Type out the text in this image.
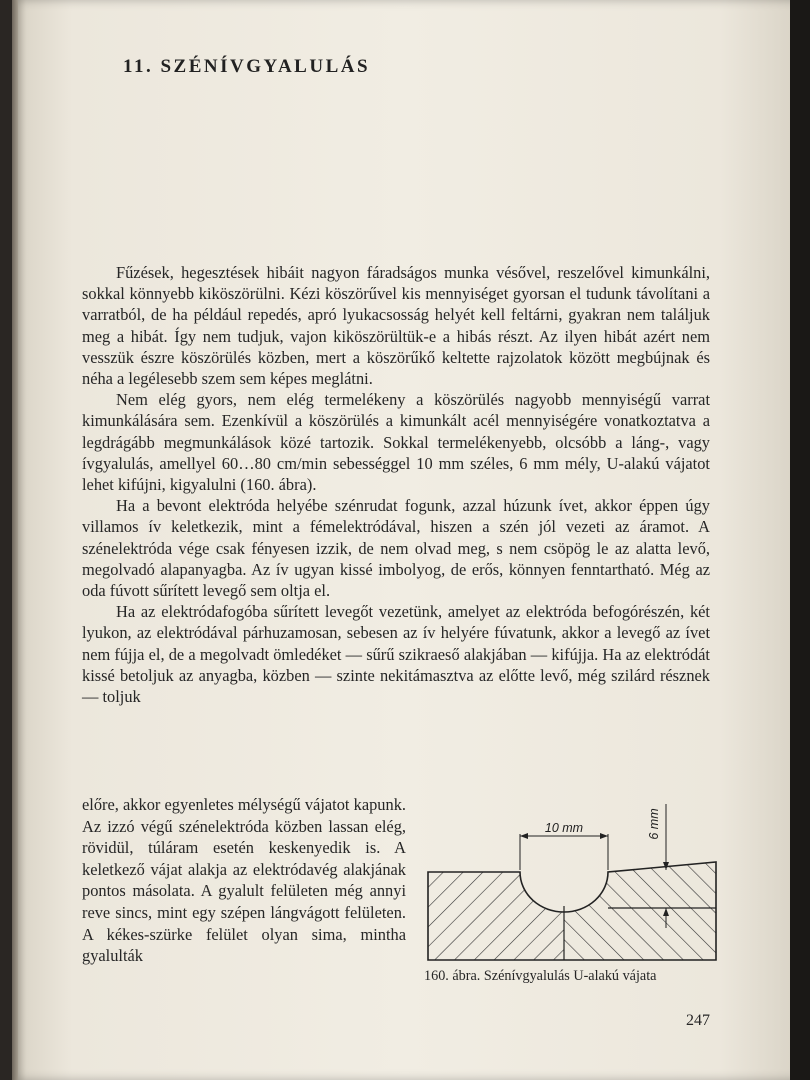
11. SZÉNÍVGYALULÁS

Fűzések, hegesztések hibáit nagyon fáradságos munka vésővel, reszelővel kimunkálni, sokkal könnyebb kiköszörülni. Kézi köszörűvel kis mennyiséget gyorsan el tudunk távolítani a varratból, de ha például repedés, apró lyukacsosság helyét kell feltárni, gyakran nem találjuk meg a hibát. Így nem tudjuk, vajon kiköszörültük-e a hibás részt. Az ilyen hibát azért nem vesszük észre köszörülés közben, mert a köszörűkő keltette rajzolatok között megbújnak és néha a legélesebb szem sem képes meglátni.

Nem elég gyors, nem elég termelékeny a köszörülés nagyobb mennyiségű varrat kimunkálására sem. Ezenkívül a köszörülés a kimunkált acél mennyiségére vonatkoztatva a legdrágább megmunkálások közé tartozik. Sokkal termelékenyebb, olcsóbb a láng-, vagy ívgyalulás, amellyel 60…80 cm/min sebességgel 10 mm széles, 6 mm mély, U-alakú vájatot lehet kifújni, kigyalulni (160. ábra).

Ha a bevont elektróda helyébe szénrudat fogunk, azzal húzunk ívet, akkor éppen úgy villamos ív keletkezik, mint a fémelektródával, hiszen a szén jól vezeti az áramot. A szénelektróda vége csak fényesen izzik, de nem olvad meg, s nem csöpög le az alatta levő, megolvadó alapanyagba. Az ív ugyan kissé imbolyog, de erős, könnyen fenntartható. Még az oda fúvott sűrített levegő sem oltja el.

Ha az elektródafogóba sűrített levegőt vezetünk, amelyet az elektróda befogórészén, két lyukon, az elektródával párhuzamosan, sebesen az ív helyére fúvatunk, akkor a levegő az ívet nem fújja el, de a megolvadt ömledéket — sűrű szikraeső alakjában — kifújja. Ha az elektródát kissé betoljuk az anyagba, közben — szinte nekitámasztva az előtte levő, még szilárd résznek — toljuk

előre, akkor egyenletes mélységű vájatot kapunk. Az izzó végű szénelektróda közben lassan elég, rövidül, túláram esetén keskenyedik is. A keletkező vájat alakja az elektródavég alakjának pontos másolata. A gyalult felületen még annyi reve sincs, mint egy szépen lángvágott felületen. A kékes-szürke felület olyan sima, mintha gyalulták
10 mm	6 mm

160. ábra. Szénívgyalulás U-alakú vájata

247
